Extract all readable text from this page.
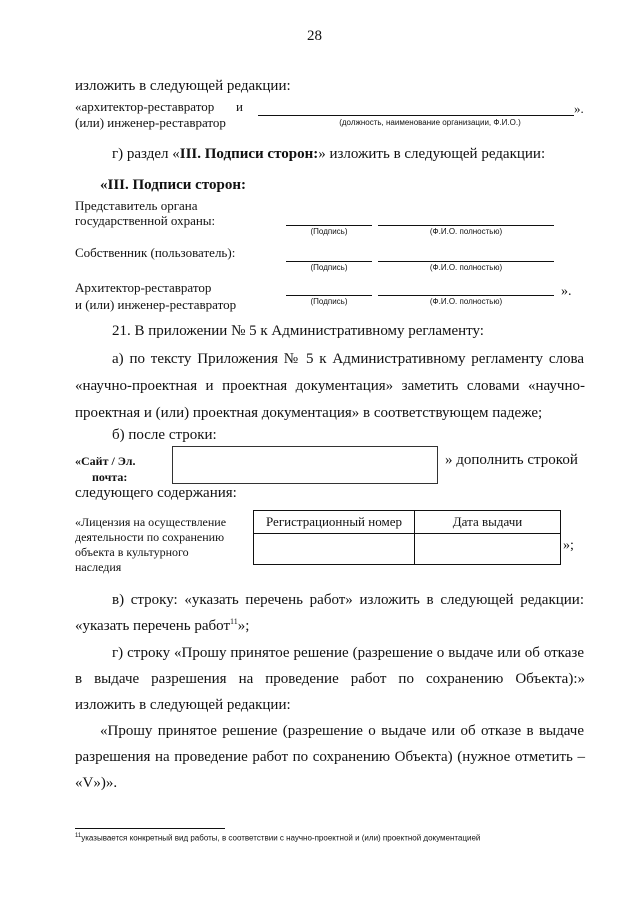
28
изложить в следующей редакции:
«архитектор-реставратор и
(или) инженер-реставратор
».
(должность, наименование организации, Ф.И.О.)
г) раздел «III. Подписи сторон:» изложить в следующей редакции:
«III. Подписи сторон:
Представитель органа
государственной охраны:
(Подпись)	(Ф.И.О. полностью)
Собственник (пользователь):
(Подпись)	(Ф.И.О. полностью)
Архитектор-реставратор
и (или) инженер-реставратор	(Подпись)	(Ф.И.О. полностью)
».
21. В приложении № 5 к Административному регламенту:
а) по тексту Приложения № 5 к Административному регламенту слова
«научно-проектная и проектная документация» заметить словами «научно-
проектная и (или) проектная документация» в соответствующем падеже;
б) после строки:
«Сайт / Эл.
почта:
» дополнить строкой
следующего содержания:
«Лицензия на осуществление
деятельности по сохранению
объекта в культурного
наследия
Регистрационный номер	Дата выдачи

»;
в) строку: «указать перечень работ» изложить в следующей редакции:
«указать перечень работ$^{11}$»;
г) строку «Прошу принятое решение (разрешение о выдаче или об отказе
в выдаче разрешения на проведение работ по сохранению Объекта):»
изложить в следующей редакции:
«Прошу принятое решение (разрешение о выдаче или об отказе в выдаче
разрешения на проведение работ по сохранению Объекта) (нужное отметить –
«V»)».
$^{11}$указывается конкретный вид работы, в соответствии с научно-проектной и (или) проектной документацией
